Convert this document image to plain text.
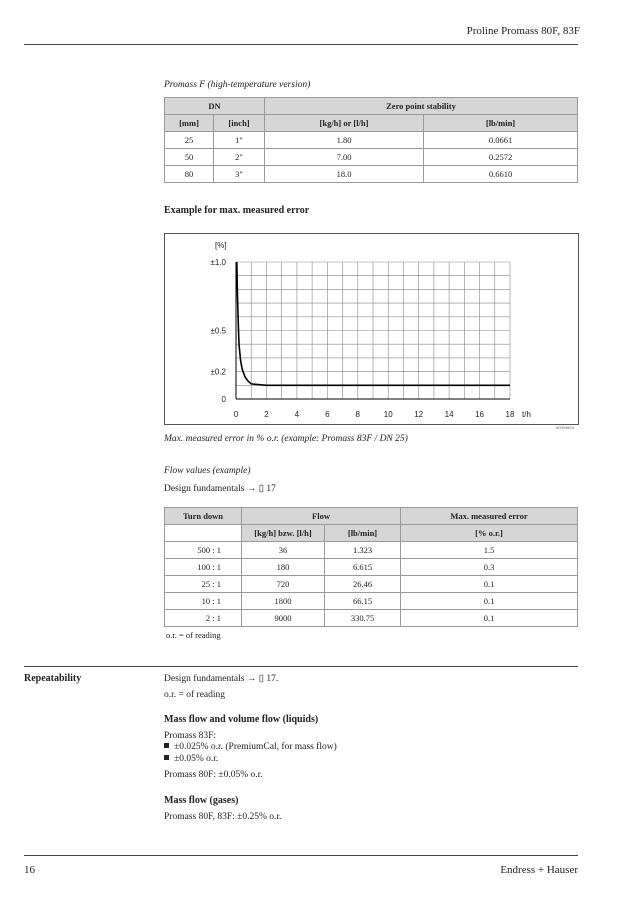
Proline Promass 80F, 83F
Promass F (high-temperature version)
DN		Zero point stability	
[mm]	[inch]	[kg/h] or [l/h]	[lb/min]
25	1"	1.80	0.0661
50	2"	7.00	0.2572
80	3"	18.0	0.6610
Example for max. measured error
0	2	4	6	8	10	12	14	16	18
0
±0.2
±0.5
±1.0
[%]
t/h
a0004604
Max. measured error in % o.r. (example: Promass 83F / DN 25)
Flow values (example)
Design fundamentals → ▯ 17
Turn down	Flow		Max. measured error
	[kg/h] bzw. [l/h]	[lb/min]	[% o.r.]
500 : 1	36	1.323	1.5
100 : 1	180	6.615	0.3
25 : 1	720	26.46	0.1
10 : 1	1800	66.15	0.1
2 : 1	9000	330.75	0.1
o.r. = of reading
Repeatability	Design fundamentals → ▯ 17.
o.r. = of reading
Mass flow and volume flow (liquids)
Promass 83F:
±0.025% o.r. (PremiumCal, for mass flow)
±0.05% o.r.
Promass 80F: ±0.05% o.r.
Mass flow (gases)
Promass 80F, 83F: ±0.25% o.r.
16	Endress + Hauser
